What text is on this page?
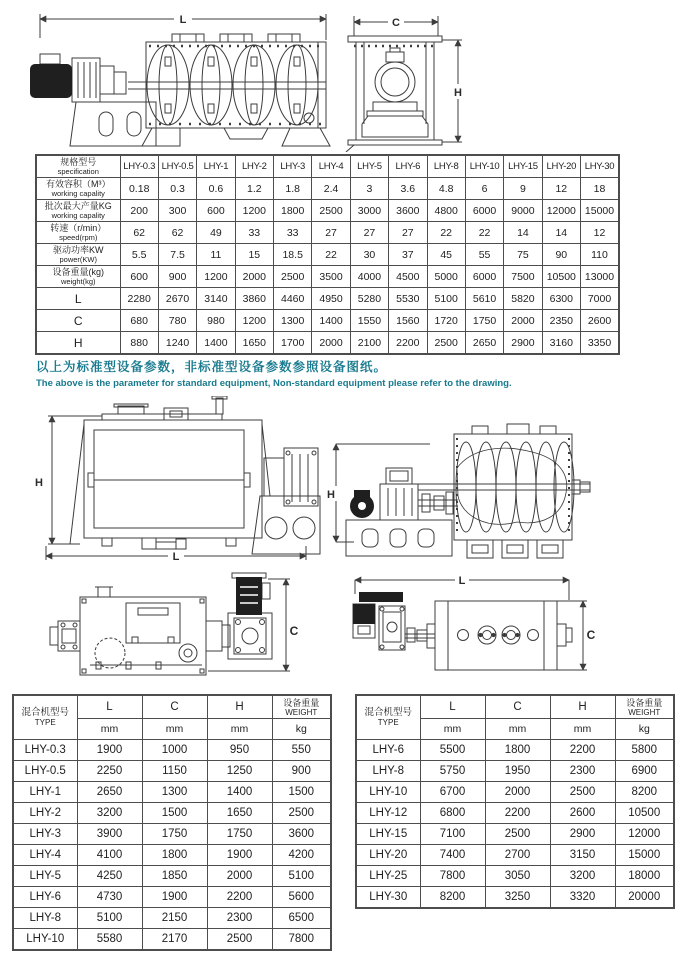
L	C
H
规格型号
specification	LHY-0.3	LHY-0.5	LHY-1	LHY-2	LHY-3	LHY-4	LHY-5	LHY-6	LHY-8	LHY-10	LHY-15	LHY-20	LHY-30

有效容积（M³）
working capality	0.18	0.3	0.6	1.2	1.8	2.4	3	3.6	4.8	6	9	12	18

批次最大产量KG
working capality	200	300	600	1200	1800	2500	3000	3600	4800	6000	9000	12000	15000

转速（r/min）
speed(rpm)	62	62	49	33	33	27	27	27	22	22	14	14	12

驱动功率KW
power(KW)	5.5	7.5	11	15	18.5	22	30	37	45	55	75	90	110

设备重量(kg)
weight(kg)	600	900	1200	2000	2500	3500	4000	4500	5000	6000	7500	10500	13000

L	2280	2670	3140	3860	4460	4950	5280	5530	5100	5610	5820	6300	7000

C	680	780	980	1200	1300	1400	1550	1560	1720	1750	2000	2350	2600

H	880	1240	1400	1650	1700	2000	2100	2200	2500	2650	2900	3160	3350
以上为标准型设备参数，非标准型设备参数参照设备图纸。
The above is the parameter for standard equipment, Non-standard equipment please refer to the drawing.
H
L
H
C
L
C
混合机型号
TYPE	L	C	H	设备重量
WEIGHT

	mm	mm	mm	kg
LHY-0.3	1900	1000	950	550
LHY-0.5	2250	1150	1250	900
LHY-1	2650	1300	1400	1500
LHY-2	3200	1500	1650	2500
LHY-3	3900	1750	1750	3600
LHY-4	4100	1800	1900	4200
LHY-5	4250	1850	2000	5100
LHY-6	4730	1900	2200	5600
LHY-8	5100	2150	2300	6500
LHY-10	5580	2170	2500	7800
混合机型号
TYPE	L	C	H	设备重量
WEIGHT

	mm	mm	mm	kg
LHY-6	5500	1800	2200	5800
LHY-8	5750	1950	2300	6900
LHY-10	6700	2000	2500	8200
LHY-12	6800	2200	2600	10500
LHY-15	7100	2500	2900	12000
LHY-20	7400	2700	3150	15000
LHY-25	7800	3050	3200	18000
LHY-30	8200	3250	3320	20000
